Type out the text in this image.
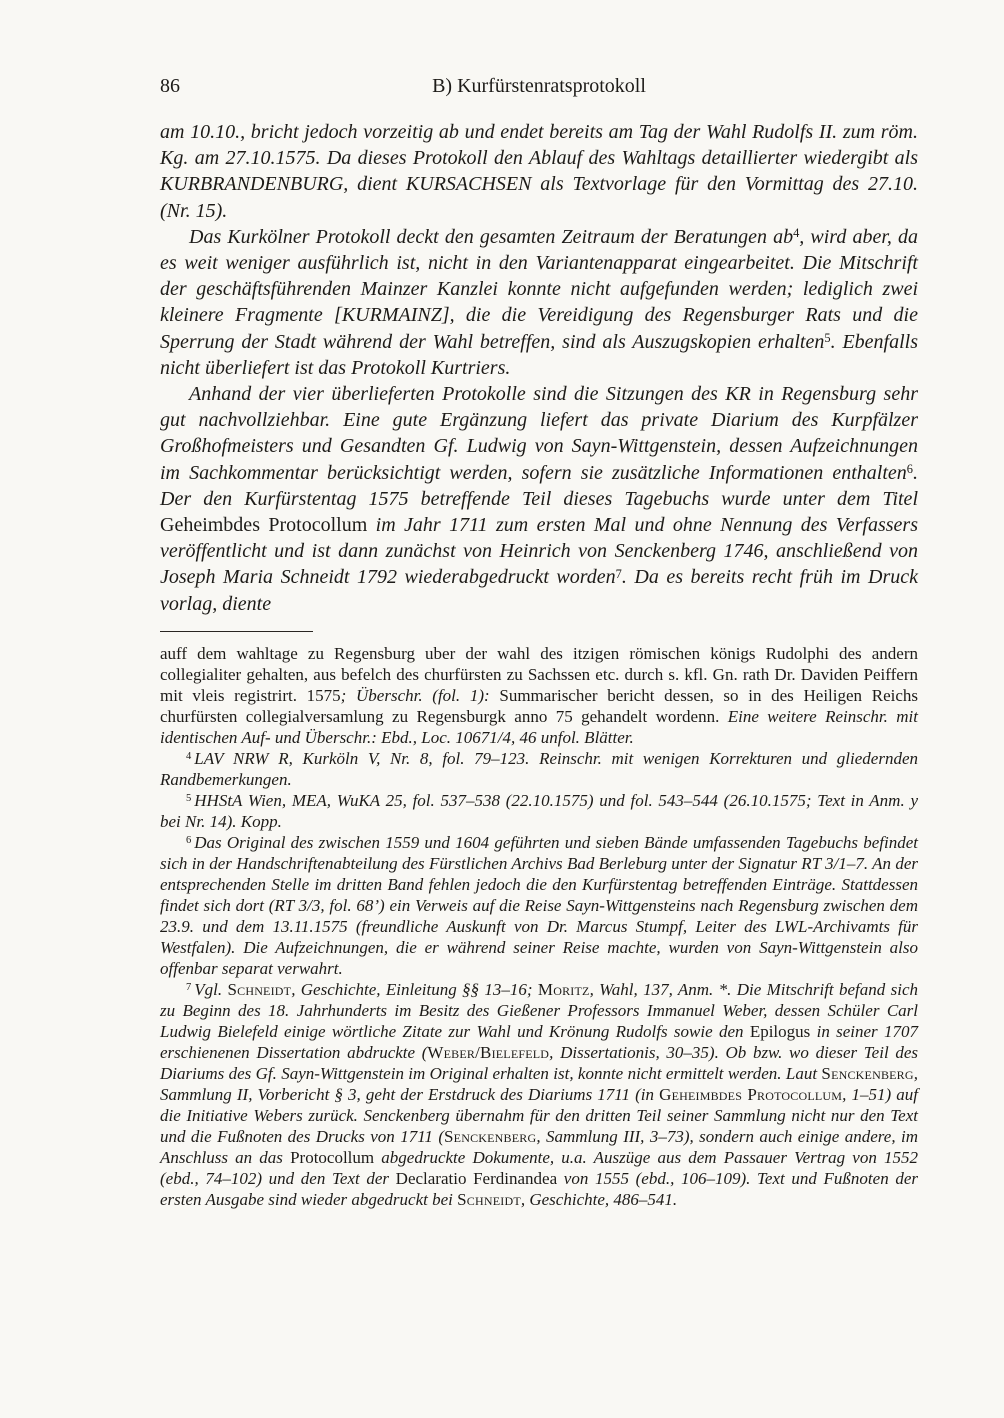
86	B) Kurfürstenratsprotokoll

am 10.10., bricht jedoch vorzeitig ab und endet bereits am Tag der Wahl Rudolfs II. zum röm. Kg. am 27.10.1575. Da dieses Protokoll den Ablauf des Wahltags detaillierter wiedergibt als KURBRANDENBURG, dient KURSACHSEN als Textvorlage für den Vormittag des 27.10. (Nr. 15).

Das Kurkölner Protokoll deckt den gesamten Zeitraum der Beratungen ab$^4$, wird aber, da es weit weniger ausführlich ist, nicht in den Variantenapparat eingearbeitet. Die Mitschrift der geschäftsführenden Mainzer Kanzlei konnte nicht aufgefunden werden; lediglich zwei kleinere Fragmente [KURMAINZ], die die Vereidigung des Regensburger Rats und die Sperrung der Stadt während der Wahl betreffen, sind als Auszugskopien erhalten$^5$. Ebenfalls nicht überliefert ist das Protokoll Kurtriers.

Anhand der vier überlieferten Protokolle sind die Sitzungen des KR in Regensburg sehr gut nachvollziehbar. Eine gute Ergänzung liefert das private Diarium des Kurpfälzer Großhofmeisters und Gesandten Gf. Ludwig von Sayn-Wittgenstein, dessen Aufzeichnungen im Sachkommentar berücksichtigt werden, sofern sie zusätzliche Informationen enthalten$^6$. Der den Kurfürstentag 1575 betreffende Teil dieses Tagebuchs wurde unter dem Titel Geheimbdes Protocollum im Jahr 1711 zum ersten Mal und ohne Nennung des Verfassers veröffentlicht und ist dann zunächst von Heinrich von Senckenberg 1746, anschließend von Joseph Maria Schneidt 1792 wiederabgedruckt worden$^7$. Da es bereits recht früh im Druck vorlag, diente

auff dem wahltage zu Regensburg uber der wahl des itzigen römischen königs Rudolphi des andern collegialiter gehalten, aus befelch des churfürsten zu Sachssen etc. durch s. kfl. Gn. rath Dr. Daviden Peiffern mit vleis registrirt. 1575; Überschr. (fol. 1): Summarischer bericht dessen, so in des Heiligen Reichs churfürsten collegialversamlung zu Regensburgk anno 75 gehandelt wordenn. Eine weitere Reinschr. mit identischen Auf- und Überschr.: Ebd., Loc. 10671/4, 46 unfol. Blätter.

$^4$ LAV NRW R, Kurköln V, Nr. 8, fol. 79–123. Reinschr. mit wenigen Korrekturen und gliedernden Randbemerkungen.

$^5$ HHStA Wien, MEA, WuKA 25, fol. 537–538 (22.10.1575) und fol. 543–544 (26.10.1575; Text in Anm. y bei Nr. 14). Kopp.

$^6$ Das Original des zwischen 1559 und 1604 geführten und sieben Bände umfassenden Tagebuchs befindet sich in der Handschriftenabteilung des Fürstlichen Archivs Bad Berleburg unter der Signatur RT 3/1–7. An der entsprechenden Stelle im dritten Band fehlen jedoch die den Kurfürstentag betreffenden Einträge. Stattdessen findet sich dort (RT 3/3, fol. 68’) ein Verweis auf die Reise Sayn-Wittgensteins nach Regensburg zwischen dem 23.9. und dem 13.11.1575 (freundliche Auskunft von Dr. Marcus Stumpf, Leiter des LWL-Archivamts für Westfalen). Die Aufzeichnungen, die er während seiner Reise machte, wurden von Sayn-Wittgenstein also offenbar separat verwahrt.

$^7$ Vgl. Schneidt, Geschichte, Einleitung §§ 13–16; Moritz, Wahl, 137, Anm. *. Die Mitschrift befand sich zu Beginn des 18. Jahrhunderts im Besitz des Gießener Professors Immanuel Weber, dessen Schüler Carl Ludwig Bielefeld einige wörtliche Zitate zur Wahl und Krönung Rudolfs sowie den Epilogus in seiner 1707 erschienenen Dissertation abdruckte (Weber/Bielefeld, Dissertationis, 30–35). Ob bzw. wo dieser Teil des Diariums des Gf. Sayn-Wittgenstein im Original erhalten ist, konnte nicht ermittelt werden. Laut Senckenberg, Sammlung II, Vorbericht § 3, geht der Erstdruck des Diariums 1711 (in Geheimbdes Protocollum, 1–51) auf die Initiative Webers zurück. Senckenberg übernahm für den dritten Teil seiner Sammlung nicht nur den Text und die Fußnoten des Drucks von 1711 (Senckenberg, Sammlung III, 3–73), sondern auch einige andere, im Anschluss an das Protocollum abgedruckte Dokumente, u.a. Auszüge aus dem Passauer Vertrag von 1552 (ebd., 74–102) und den Text der Declaratio Ferdinandea von 1555 (ebd., 106–109). Text und Fußnoten der ersten Ausgabe sind wieder abgedruckt bei Schneidt, Geschichte, 486–541.
